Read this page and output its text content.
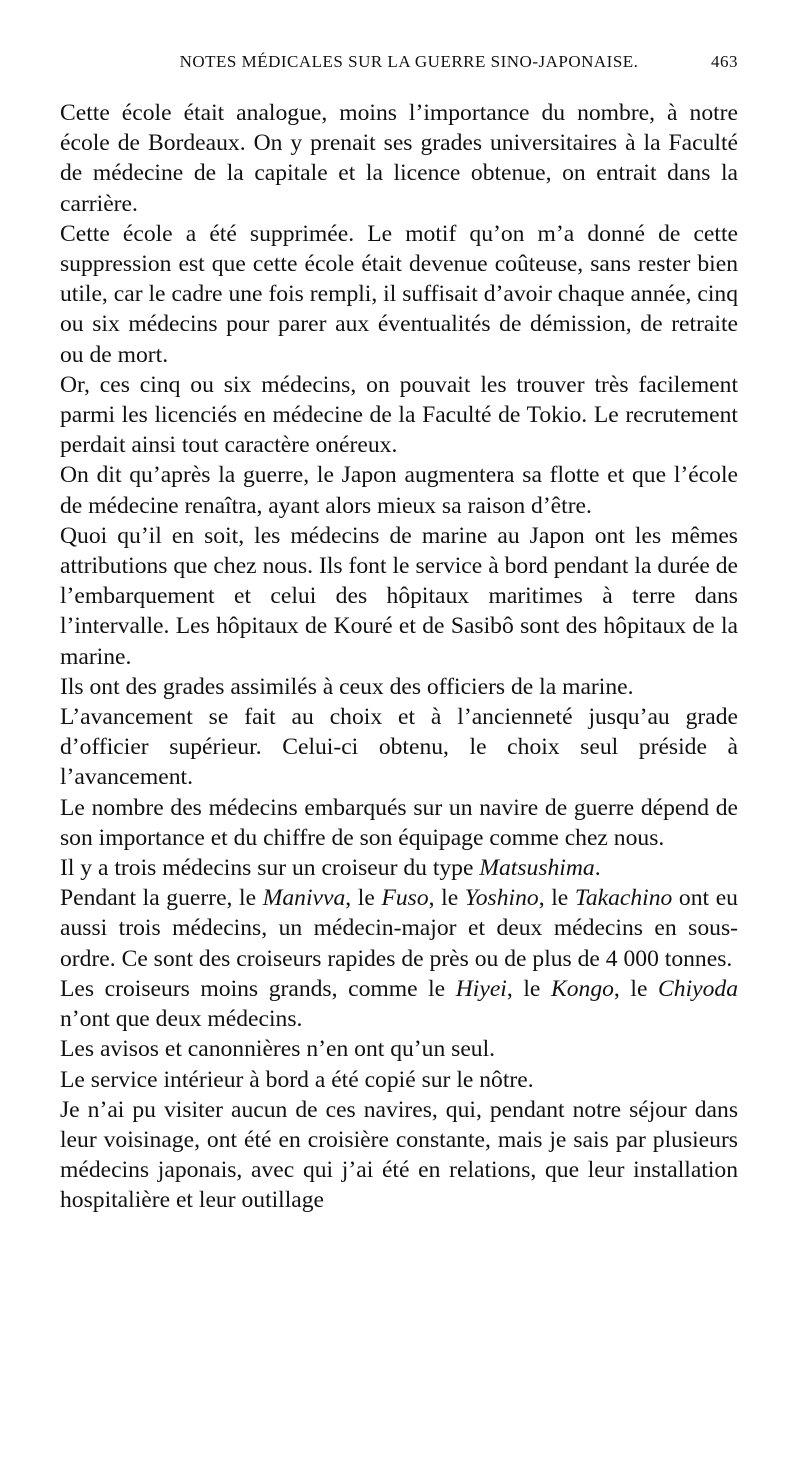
NOTES MÉDICALES SUR LA GUERRE SINO-JAPONAISE.	463

Cette école était analogue, moins l’importance du nombre, à notre école de Bordeaux. On y prenait ses grades universitaires à la Faculté de médecine de la capitale et la licence obtenue, on entrait dans la carrière.

Cette école a été supprimée. Le motif qu’on m’a donné de cette suppression est que cette école était devenue coûteuse, sans rester bien utile, car le cadre une fois rempli, il suffisait d’avoir chaque année, cinq ou six médecins pour parer aux éventualités de démission, de retraite ou de mort.

Or, ces cinq ou six médecins, on pouvait les trouver très facilement parmi les licenciés en médecine de la Faculté de Tokio. Le recrutement perdait ainsi tout caractère onéreux.

On dit qu’après la guerre, le Japon augmentera sa flotte et que l’école de médecine renaîtra, ayant alors mieux sa raison d’être.

Quoi qu’il en soit, les médecins de marine au Japon ont les mêmes attributions que chez nous. Ils font le service à bord pendant la durée de l’embarquement et celui des hôpitaux maritimes à terre dans l’intervalle. Les hôpitaux de Kouré et de Sasibô sont des hôpitaux de la marine.

Ils ont des grades assimilés à ceux des officiers de la marine.

L’avancement se fait au choix et à l’ancienneté jusqu’au grade d’officier supérieur. Celui-ci obtenu, le choix seul préside à l’avancement.

Le nombre des médecins embarqués sur un navire de guerre dépend de son importance et du chiffre de son équipage comme chez nous.

Il y a trois médecins sur un croiseur du type Matsushima.

Pendant la guerre, le Manivva, le Fuso, le Yoshino, le Takachino ont eu aussi trois médecins, un médecin-major et deux médecins en sous-ordre. Ce sont des croiseurs rapides de près ou de plus de 4 000 tonnes.

Les croiseurs moins grands, comme le Hiyei, le Kongo, le Chiyoda n’ont que deux médecins.

Les avisos et canonnières n’en ont qu’un seul.

Le service intérieur à bord a été copié sur le nôtre.

Je n’ai pu visiter aucun de ces navires, qui, pendant notre séjour dans leur voisinage, ont été en croisière constante, mais je sais par plusieurs médecins japonais, avec qui j’ai été en relations, que leur installation hospitalière et leur outillage
